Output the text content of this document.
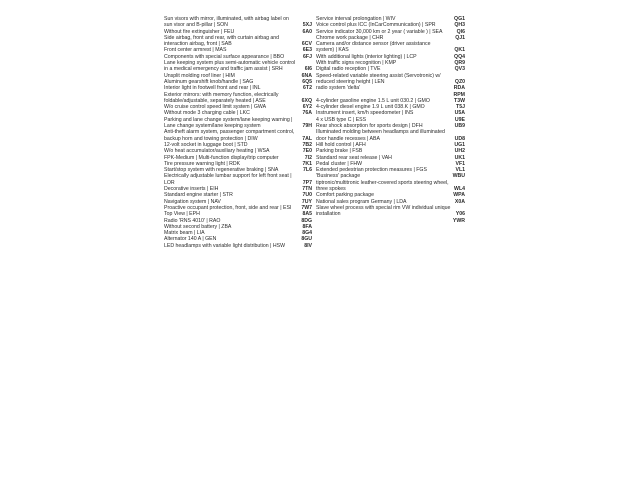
Sun visors with mirror, illuminated, with airbag label on sun visor and B-pillar | SON	5XJ
Without fire extinguisher | FEU	6A0
Side airbag, front and rear, with curtain airbag and interaction airbag, front | SAB	6CV
Front center armrest | MAS	6E3
Components with special surface appearance | BBO	6FJ
Lane keeping system plus semi-automatic vehicle control in a medical emergency and traffic jam assist | SRH	6I6
Unsplit molding roof liner | HIM	6NA
Aluminum gearshift knob/handle | SAG	6Q5
Interior light in footwell front and rear | INL	6T2
Exterior mirrors: with memory function, electrically foldable/adjustable, separately heated | ASE	6XQ
W/o cruise control speed limit system | GWA	6Y2
Without mode 3 charging cable | LKC	76A
Parking and lane change system/lane keeping warning | Lane change system/lane keeping system	79H
Anti-theft alarm system, passenger compartment control, backup horn and towing protection | DIW	7AL
12-volt socket in luggage boot | STD	7B2
W/o heat accumulator/auxiliary heating | WSA	7E0
FPK-Medium | Multi-function display/trip computer	7I2
Tire pressure warning light | RDK	7K1
Start/stop system with regenerative braking | SNA	7L6
Electrically adjustable lumbar support for left front seat | LOR	7P7
Decorative inserts | EIH	7TN
Standard engine starter | STR	7U0
Navigation system | NAV	7UY
Proactive occupant protection, front, side and rear | ESI	7W7
Top View | EPH	8A5
Radio 'RNS 4010' | RAO	8DG
Without second battery | ZBA	8FA
Matrix beam | LIA	8G4
Alternator 140 A | GEN	8GU
LED headlamps with variable light distribution | HSW	8IV
Service interval prolongation | WIV	QG1
Voice control plus ICC (InCarCommunication) | SPR	QH3
Service indicator 30,000 km or 2 year ( variable ) | SEA	QI6
Chrome work package | CHR	QJ1
Camera and/or distance sensor (driver assistance system) | KAS	QK1
With additional lights (interior lighting) | LCP	QQ4
With traffic signs recognition | KMP	QR9
Digital radio reception | TVE	QV3
Speed-related variable steering assist (Servotronic) w/ reduced steering height | LEN	QZ0
radio system 'delta'	RDA
RPM
4-cylinder gasoline engine 1.5 L unit 030.2 | GMO	T3W
4-cylinder diesel engine 1.9 L unit 038.K | GMO	T5J
Instrument insert, km/h speedometer | INS	U5A
4 x USB type C | ESS	U9E
Rear shock absorption for sports design | DFH	UB9
Illuminated molding between headlamps and illuminated door handle recesses | ABA	UD8
Hill hold control | AFH	UG1
Parking brake | FSB	UH2
Standard rear seat release | VAH	UK1
Pedal cluster | FHW	VF1
Extended pedestrian protection measures | FGS	VL1
'Business' package	WBU
tiptronic/multitronic leather-covered sports steering wheel, three spokes	WL4
Comfort parking package	WPA
National sales program Germany | LDA	X0A
Slave wheel process with special rim VW individual unique installation	Y06
YWR
